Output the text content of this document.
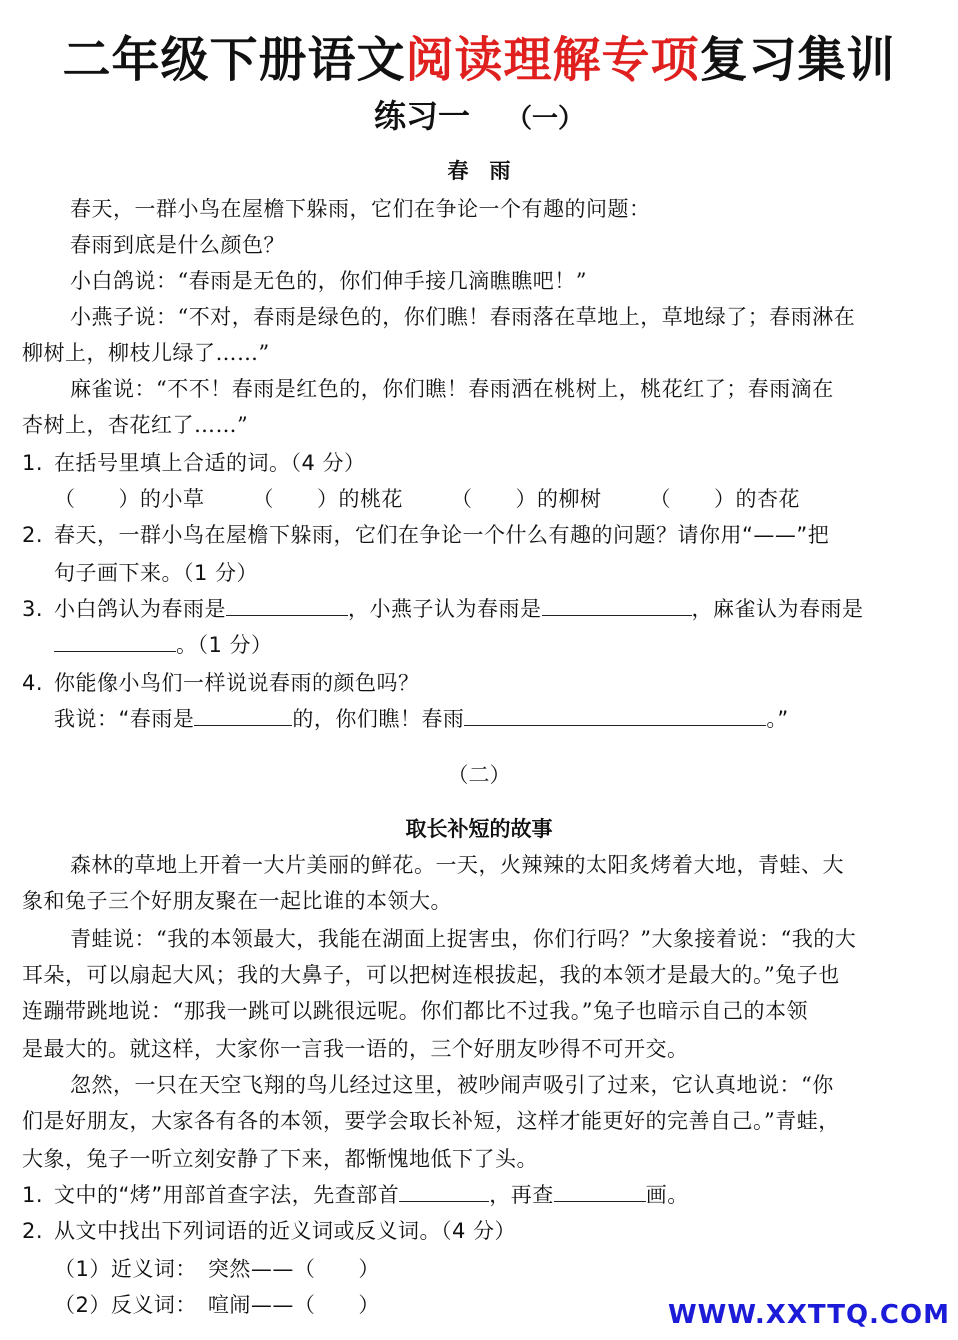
二年级下册语文阅读理解专项复习集训
练习一 （一）
春　雨
春天，一群小鸟在屋檐下躲雨，它们在争论一个有趣的问题：
春雨到底是什么颜色？
小白鸽说：“春雨是无色的，你们伸手接几滴瞧瞧吧！”
小燕子说：“不对，春雨是绿色的，你们瞧！春雨落在草地上，草地绿了；春雨淋在
柳树上，柳枝儿绿了……”
麻雀说：“不不！春雨是红色的，你们瞧！春雨洒在桃树上，桃花红了；春雨滴在
杏树上，杏花红了……”
1. 在括号里填上合适的词。（4 分）
（　　）的小草 （　　）的桃花 （　　）的柳树 （　　）的杏花
2. 春天，一群小鸟在屋檐下躲雨，它们在争论一个什么有趣的问题？请你用“——”把
句子画下来。（1 分）
3. 小白鸽认为春雨是	，小燕子认为春雨是	，麻雀认为春雨是
。（1 分）
4. 你能像小鸟们一样说说春雨的颜色吗？
我说：“春雨是	的，你们瞧！春雨	。”
（二）
取长补短的故事
森林的草地上开着一大片美丽的鲜花。一天，火辣辣的太阳炙烤着大地，青蛙、大
象和兔子三个好朋友聚在一起比谁的本领大。
青蛙说：“我的本领最大，我能在湖面上捉害虫，你们行吗？”大象接着说：“我的大
耳朵，可以扇起大风；我的大鼻子，可以把树连根拔起，我的本领才是最大的。”兔子也
连蹦带跳地说：“那我一跳可以跳很远呢。你们都比不过我。”兔子也暗示自己的本领
是最大的。就这样，大家你一言我一语的，三个好朋友吵得不可开交。
忽然，一只在天空飞翔的鸟儿经过这里，被吵闹声吸引了过来，它认真地说：“你
们是好朋友，大家各有各的本领，要学会取长补短，这样才能更好的完善自己。”青蛙，
大象，兔子一听立刻安静了下来，都惭愧地低下了头。
1. 文中的“烤”用部首查字法，先查部首	，再查	画。
2. 从文中找出下列词语的近义词或反义词。（4 分）
（1）近义词：　突然——（　　）
（2）反义词：　喧闹——（　　）	WWW.XXTTQ.COM
